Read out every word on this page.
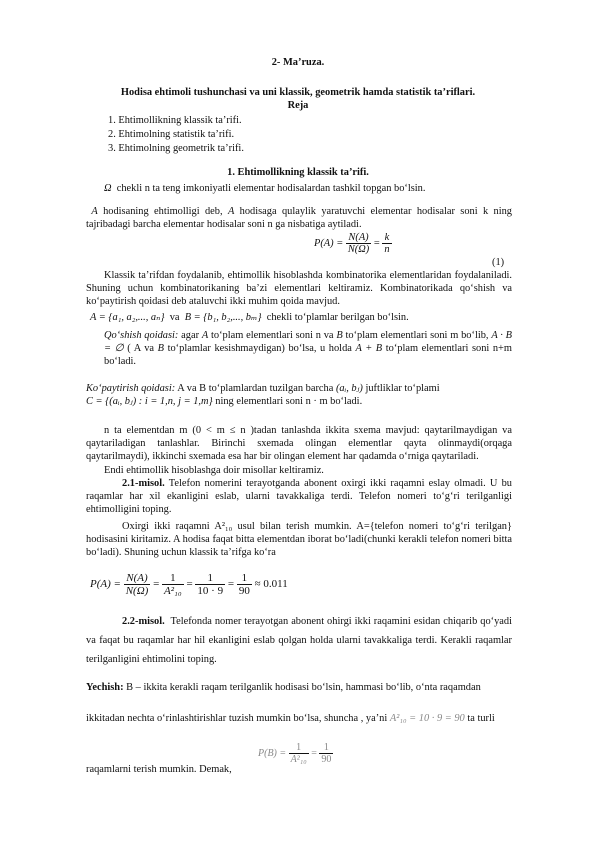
2- Ma’ruza.
Hodisa ehtimoli tushunchasi va uni klassik, geometrik hamda statistik ta’riflari.
Reja
1. Ehtimollikning klassik ta’rifi.
2. Ehtimolning statistik ta’rifi.
3. Ehtimolning geometrik ta’rifi.
1. Ehtimollikning klassik ta’rifi.
Ω chekli n ta teng imkoniyatli elementar hodisalardan tashkil topgan bo‘lsin.
A hodisaning ehtimolligi deb, A hodisaga qulaylik yaratuvchi elementar hodisalar soni k ning tajribadagi barcha elementar hodisalar soni n ga nisbatiga aytiladi.
$P(A) = \frac{N(A)}{N(\Omega)} = \frac{k}{n}$
(1)
Klassik ta’rifdan foydalanib, ehtimollik hisoblashda kombinatorika elementlaridan foydalaniladi. Shuning uchun kombinatorikaning ba’zi elementlari keltiramiz. Kombinatorikada qo‘shish va ko‘paytirish qoidasi deb ataluvchi ikki muhim qoida mavjud.
A = {a₁, a₂,..., aₙ} va B = {b₁, b₂,..., bₘ} chekli to‘plamlar berilgan bo‘lsin.
Qo‘shish qoidasi: agar A to‘plam elementlari soni n va B to‘plam elementlari soni m bo‘lib, A · B = ∅ ( A va B to‘plamlar kesishmaydigan) bo‘lsa, u holda A + B to‘plam elementlari soni n+m bo‘ladi.
Ko‘paytirish qoidasi: A va B to‘plamlardan tuzilgan barcha (aᵢ, bⱼ) juftliklar to‘plami
C = {(aᵢ, bⱼ) : i = 1,n, j = 1,m} ning elementlari soni n · m bo‘ladi.
n ta elementdan m (0 < m ≤ n )tadan tanlashda ikkita sxema mavjud: qaytarilmaydigan va qaytariladigan tanlashlar. Birinchi sxemada olingan elementlar qayta olinmaydi(orqaga qaytarilmaydi), ikkinchi sxemada esa har bir olingan element har qadamda o‘rniga qaytariladi.
Endi ehtimollik hisoblashga doir misollar keltiramiz.
2.1-misol. Telefon nomerini terayotganda abonent oxirgi ikki raqamni eslay olmadi. U bu raqamlar har xil ekanligini eslab, ularni tavakkaliga terdi. Telefon nomeri to‘g‘ri terilganligi ehtimolligini toping.
Oxirgi ikki raqamni A²₁₀ usul bilan terish mumkin. A={telefon nomeri to‘g‘ri terilgan} hodisasini kiritamiz. A hodisa faqat bitta elementdan iborat bo‘ladi(chunki kerakli telefon nomeri bitta bo‘ladi). Shuning uchun klassik ta’rifga ko‘ra
$P(A) = \frac{N(A)}{N(\Omega)} = \frac{1}{\text{A²₁₀}} = \frac{1}{10 \cdot 9} = \frac{1}{90} \approx 0.011$
2.2-misol. Telefonda nomer terayotgan abonent ohirgi ikki raqamini esidan chiqarib qo‘yadi va faqat bu raqamlar har hil ekanligini eslab qolgan holda ularni tavakkaliga terdi. Kerakli raqamlar terilganligini ehtimolini toping.
Yechish: B – ikkita kerakli raqam terilganlik hodisasi bo‘lsin, hammasi bo‘lib, o‘nta raqamdan
ikkitadan nechta o‘rinlashtirishlar tuzish mumkin bo‘lsa, shuncha , ya’ni A²₁₀ = 10 · 9 = 90 ta turli
$P(B) = \frac{1}{\text{A²₁₀}} = \frac{1}{90}$
raqamlarni terish mumkin. Demak,
